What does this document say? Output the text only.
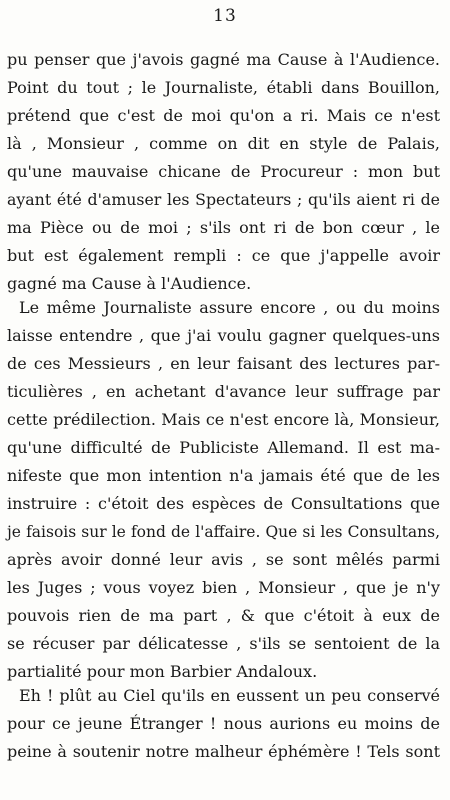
13
pu penser que j'avois gagné ma Cause à l'Audience.
Point du tout ; le Journaliste, établi dans Bouillon,
prétend que c'est de moi qu'on a ri. Mais ce n'est
là , Monsieur , comme on dit en style de Palais,
qu'une mauvaise chicane de Procureur : mon but
ayant été d'amuser les Spectateurs ; qu'ils aient ri de
ma Pièce ou de moi ; s'ils ont ri de bon cœur , le
but est également rempli : ce que j'appelle avoir
gagné ma Cause à l'Audience.
Le même Journaliste assure encore , ou du moins
laisse entendre , que j'ai voulu gagner quelques-uns
de ces Messieurs , en leur faisant des lectures par-
ticulières , en achetant d'avance leur suffrage par
cette prédilection. Mais ce n'est encore là, Monsieur,
qu'une difficulté de Publiciste Allemand. Il est ma-
nifeste que mon intention n'a jamais été que de les
instruire : c'étoit des espèces de Consultations que
je faisois sur le fond de l'affaire. Que si les Consultans,
après avoir donné leur avis , se sont mêlés parmi
les Juges ; vous voyez bien , Monsieur , que je n'y
pouvois rien de ma part , & que c'étoit à eux de
se récuser par délicatesse , s'ils se sentoient de la
partialité pour mon Barbier Andaloux.
Eh ! plût au Ciel qu'ils en eussent un peu conservé
pour ce jeune Étranger ! nous aurions eu moins de
peine à soutenir notre malheur éphémère ! Tels sont
